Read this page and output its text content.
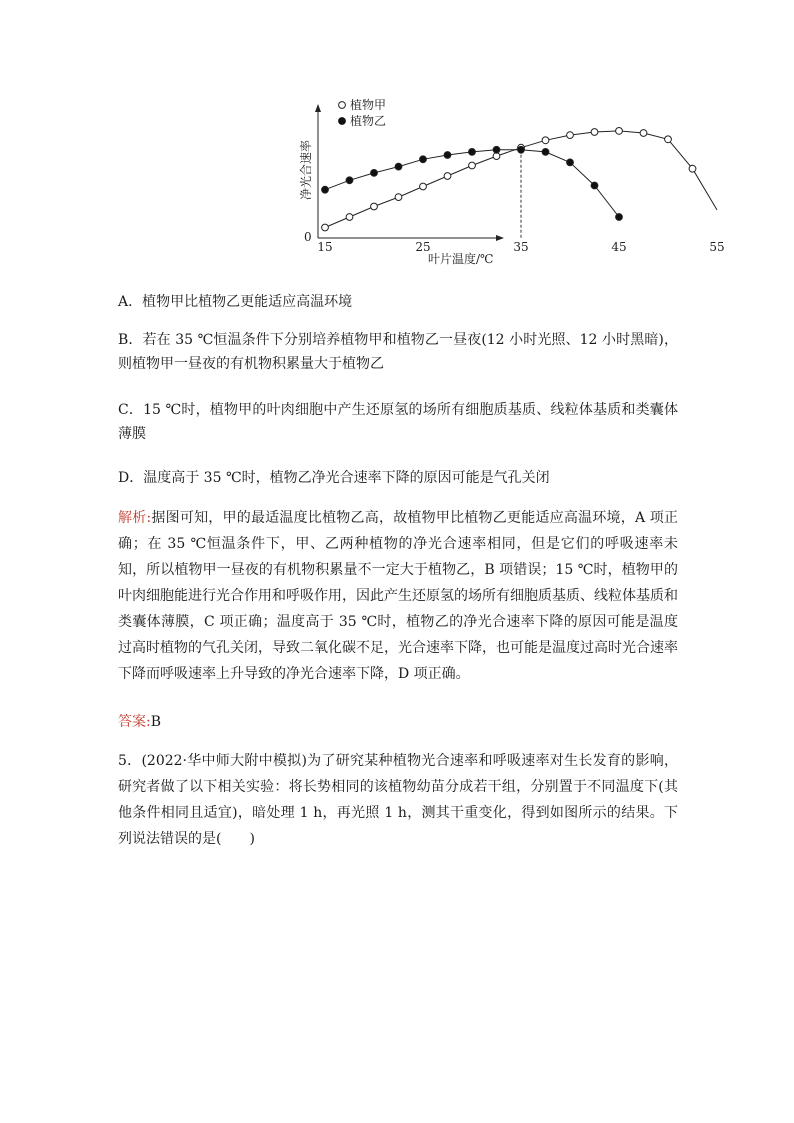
净光合速率
0
叶片温度/℃
15	25	35	45	55
植物甲
植物乙

A．植物甲比植物乙更能适应高温环境

B．若在 35 ℃恒温条件下分别培养植物甲和植物乙一昼夜(12 小时光照、12 小时黑暗)，则植物甲一昼夜的有机物积累量大于植物乙

C．15 ℃时，植物甲的叶肉细胞中产生还原氢的场所有细胞质基质、线粒体基质和类囊体薄膜

D．温度高于 35 ℃时，植物乙净光合速率下降的原因可能是气孔关闭

解析:据图可知，甲的最适温度比植物乙高，故植物甲比植物乙更能适应高温环境，A 项正确；在 35 ℃恒温条件下，甲、乙两种植物的净光合速率相同，但是它们的呼吸速率未知，所以植物甲一昼夜的有机物积累量不一定大于植物乙，B 项错误；15 ℃时，植物甲的叶肉细胞能进行光合作用和呼吸作用，因此产生还原氢的场所有细胞质基质、线粒体基质和类囊体薄膜，C 项正确；温度高于 35 ℃时，植物乙的净光合速率下降的原因可能是温度过高时植物的气孔关闭，导致二氧化碳不足，光合速率下降，也可能是温度过高时光合速率下降而呼吸速率上升导致的净光合速率下降，D 项正确。

答案:B

5．(2022·华中师大附中模拟)为了研究某种植物光合速率和呼吸速率对生长发育的影响，研究者做了以下相关实验：将长势相同的该植物幼苗分成若干组，分别置于不同温度下(其他条件相同且适宜)，暗处理 1 h，再光照 1 h，测其干重变化，得到如图所示的结果。下列说法错误的是(　　)
